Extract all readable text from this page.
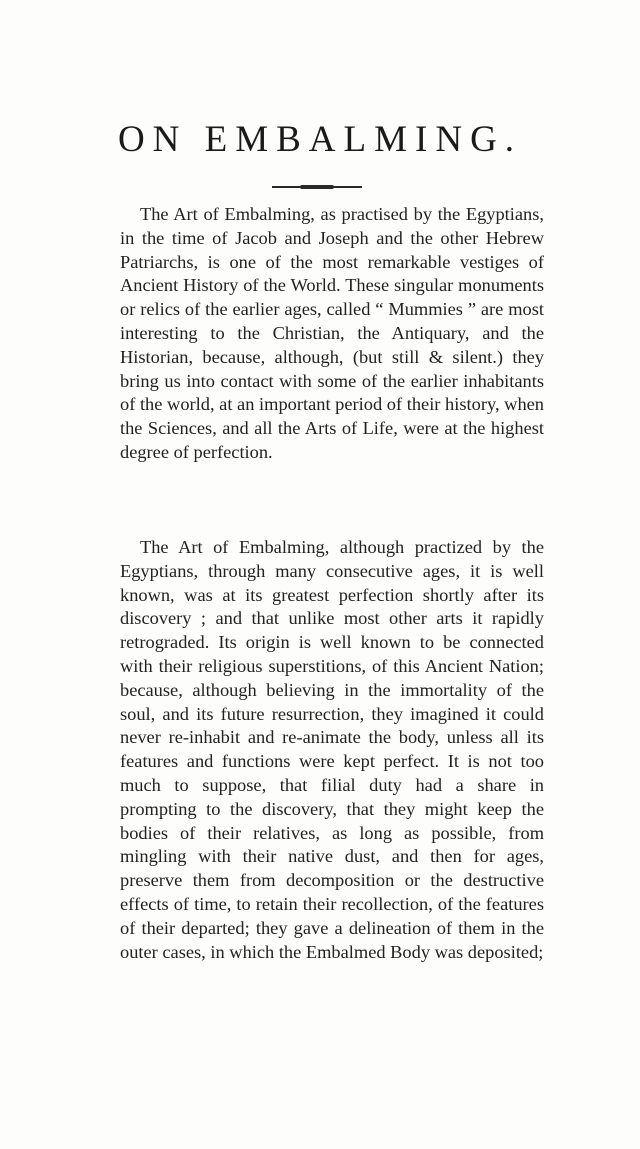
ON EMBALMING.

The Art of Embalming, as practised by the Egyptians, in the time of Jacob and Joseph and the other Hebrew Patriarchs, is one of the most remarkable vestiges of Ancient History of the World. These singular monuments or relics of the earlier ages, called “ Mummies ” are most interesting to the Christian, the Antiquary, and the Historian, because, although, (but still & silent.) they bring us into contact with some of the earlier inhabitants of the world, at an important period of their history, when the Sciences, and all the Arts of Life, were at the highest degree of perfection.

The Art of Embalming, although practized by the Egyptians, through many consecutive ages, it is well known, was at its greatest perfection shortly after its discovery ; and that unlike most other arts it rapidly retrograded. Its origin is well known to be connected with their religious superstitions, of this Ancient Nation; because, although believing in the immortality of the soul, and its future resurrection, they imagined it could never re-inhabit and re-animate the body, unless all its features and functions were kept perfect. It is not too much to suppose, that filial duty had a share in prompting to the discovery, that they might keep the bodies of their relatives, as long as possible, from mingling with their native dust, and then for ages, preserve them from decomposition or the destructive effects of time, to retain their recollection, of the features of their departed; they gave a delineation of them in the outer cases, in which the Embalmed Body was deposited;
